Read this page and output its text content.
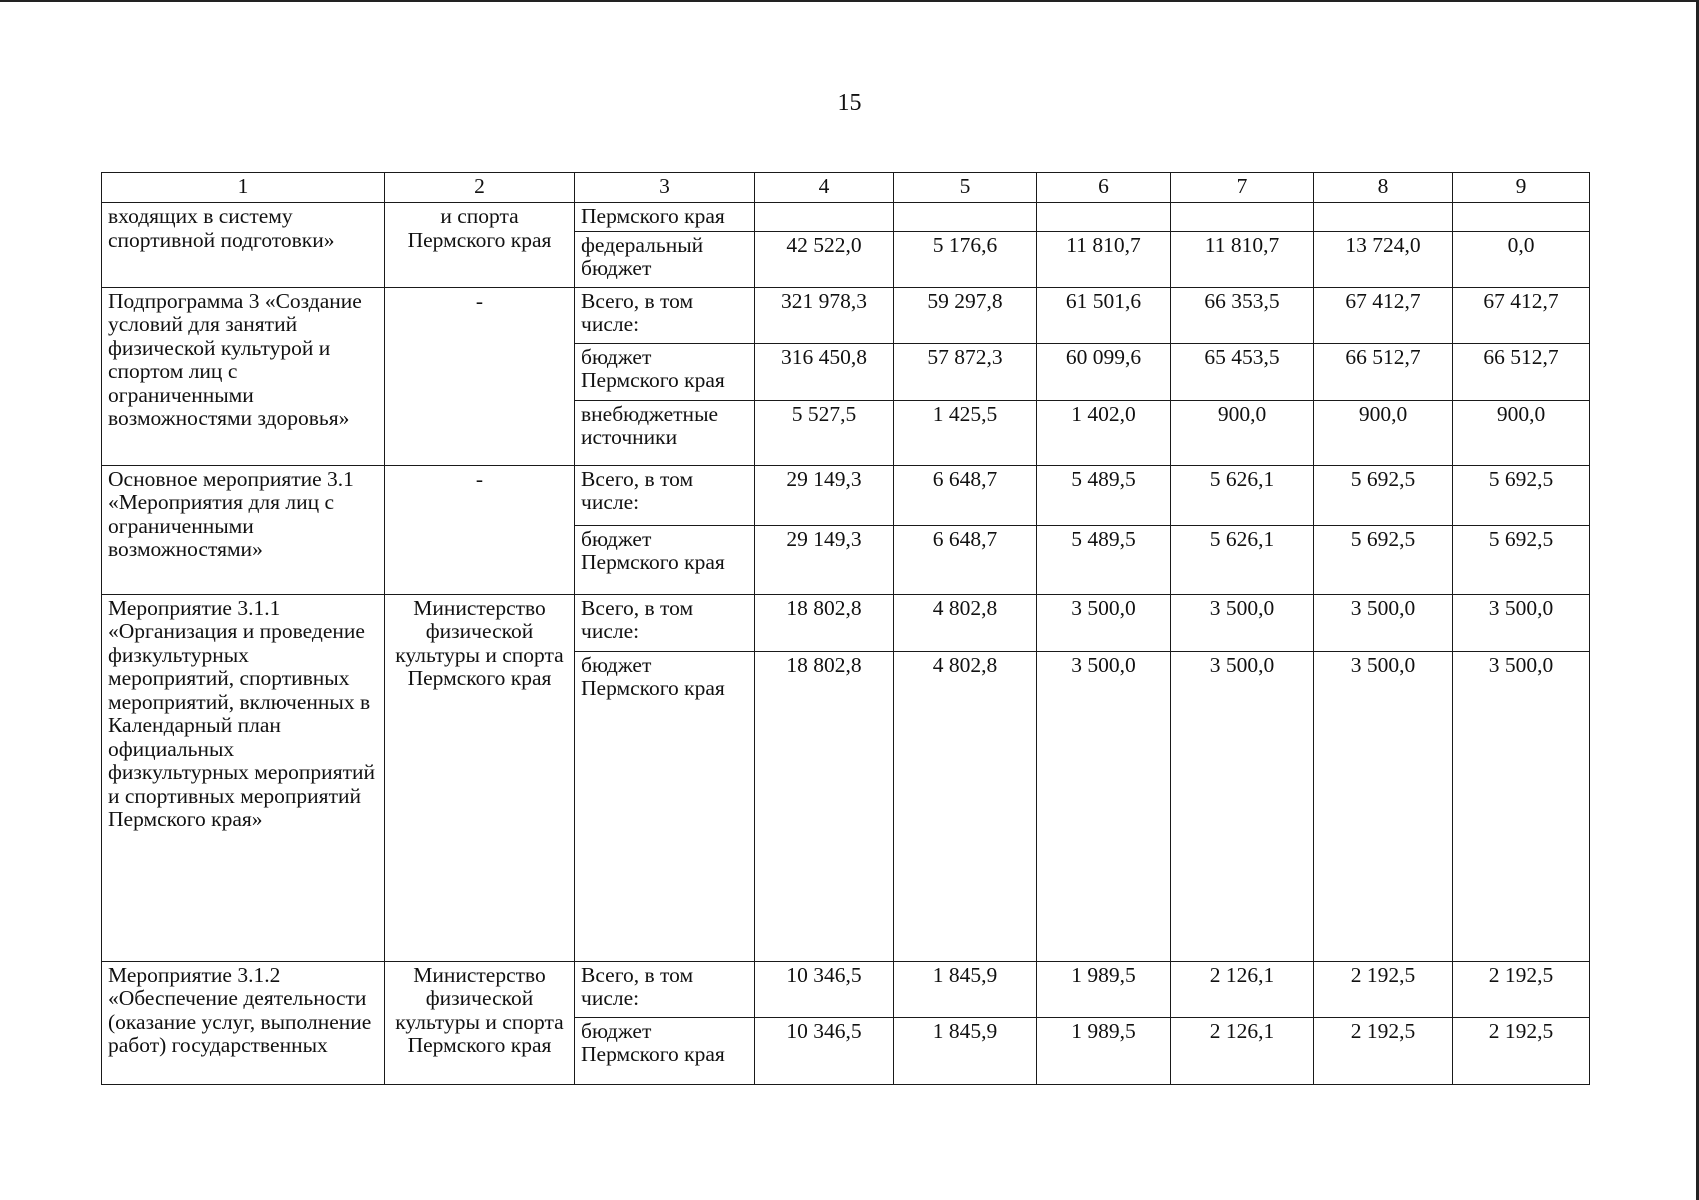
15
1	2	3	4	5	6	7	8	9
входящих в систему спортивной подготовки»	и спорта Пермского края	Пермского края						
		федеральный бюджет	42 522,0	5 176,6	11 810,7	11 810,7	13 724,0	0,0
Подпрограмма 3 «Создание условий для занятий физической культурой и спортом лиц с ограниченными возможностями здоровья»	-	Всего, в том числе:	321 978,3	59 297,8	61 501,6	66 353,5	67 412,7	67 412,7
		бюджет Пермского края	316 450,8	57 872,3	60 099,6	65 453,5	66 512,7	66 512,7
		внебюджетные источники	5 527,5	1 425,5	1 402,0	900,0	900,0	900,0
Основное мероприятие 3.1 «Мероприятия для лиц с ограниченными возможностями»	-	Всего, в том числе:	29 149,3	6 648,7	5 489,5	5 626,1	5 692,5	5 692,5
		бюджет Пермского края	29 149,3	6 648,7	5 489,5	5 626,1	5 692,5	5 692,5
Мероприятие 3.1.1 «Организация и проведение физкультурных мероприятий, спортивных мероприятий, включенных в Календарный план официальных физкультурных мероприятий и спортивных мероприятий Пермского края»	Министерство физической культуры и спорта Пермского края	Всего, в том числе:	18 802,8	4 802,8	3 500,0	3 500,0	3 500,0	3 500,0
		бюджет Пермского края	18 802,8	4 802,8	3 500,0	3 500,0	3 500,0	3 500,0
Мероприятие 3.1.2 «Обеспечение деятельности (оказание услуг, выполнение работ) государственных	Министерство физической культуры и спорта Пермского края	Всего, в том числе:	10 346,5	1 845,9	1 989,5	2 126,1	2 192,5	2 192,5
		бюджет Пермского края	10 346,5	1 845,9	1 989,5	2 126,1	2 192,5	2 192,5
